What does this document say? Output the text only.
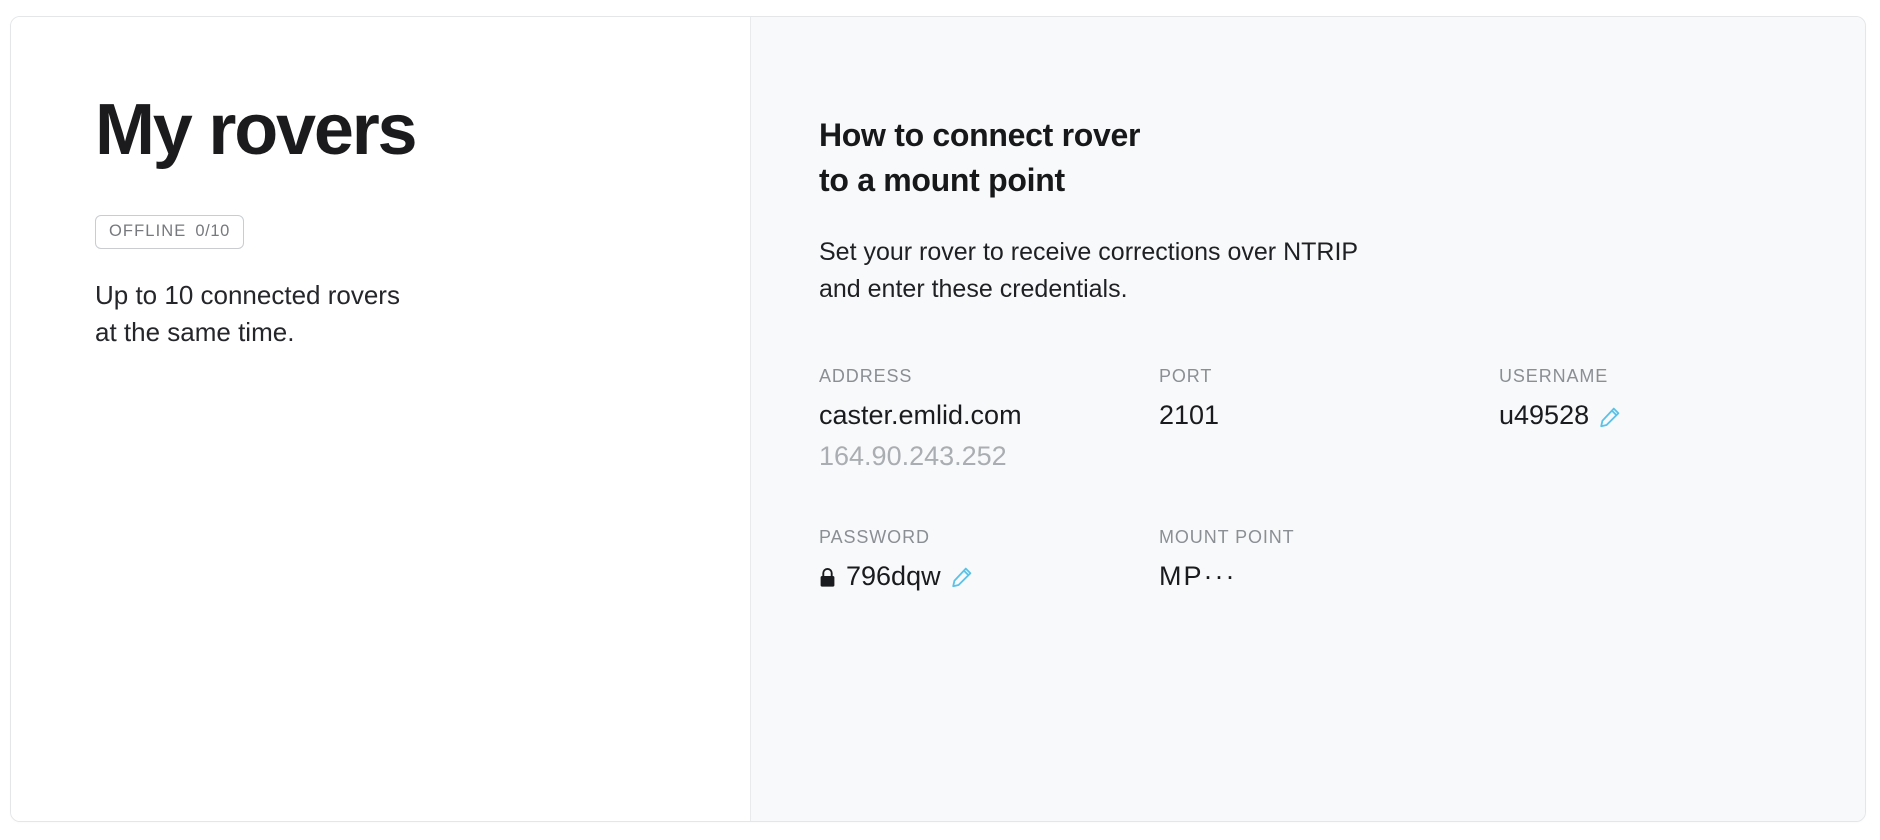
My rovers
OFFLINE 0/10
Up to 10 connected rovers
at the same time.
How to connect rover
to a mount point
Set your rover to receive corrections over NTRIP
and enter these credentials.
ADDRESS
caster.emlid.com
164.90.243.252
PORT
2101
USERNAME
u49528
PASSWORD
796dqw
MOUNT POINT
MP···
